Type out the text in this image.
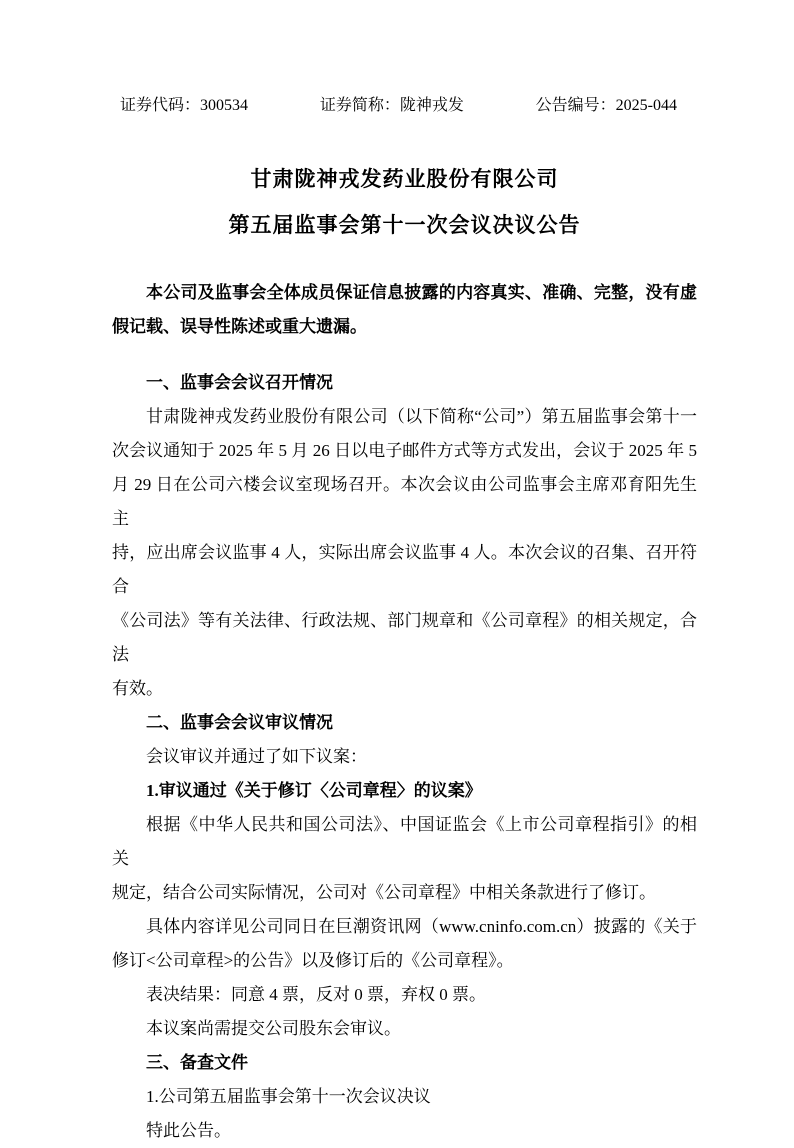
证券代码：300534	证券简称：陇神戎发	公告编号：2025-044
甘肃陇神戎发药业股份有限公司
第五届监事会第十一次会议决议公告
本公司及监事会全体成员保证信息披露的内容真实、准确、完整，没有虚
假记载、误导性陈述或重大遗漏。
一、监事会会议召开情况
甘肃陇神戎发药业股份有限公司（以下简称“公司”）第五届监事会第十一
次会议通知于 2025 年 5 月 26 日以电子邮件方式等方式发出，会议于 2025 年 5
月 29 日在公司六楼会议室现场召开。本次会议由公司监事会主席邓育阳先生主
持，应出席会议监事 4 人，实际出席会议监事 4 人。本次会议的召集、召开符合
《公司法》等有关法律、行政法规、部门规章和《公司章程》的相关规定，合法
有效。
二、监事会会议审议情况
会议审议并通过了如下议案：
1.审议通过《关于修订〈公司章程〉的议案》
根据《中华人民共和国公司法》、中国证监会《上市公司章程指引》的相关
规定，结合公司实际情况，公司对《公司章程》中相关条款进行了修订。
具体内容详见公司同日在巨潮资讯网（www.cninfo.com.cn）披露的《关于
修订<公司章程>的公告》以及修订后的《公司章程》。
表决结果：同意 4 票，反对 0 票，弃权 0 票。
本议案尚需提交公司股东会审议。
三、备查文件
1.公司第五届监事会第十一次会议决议
特此公告。
